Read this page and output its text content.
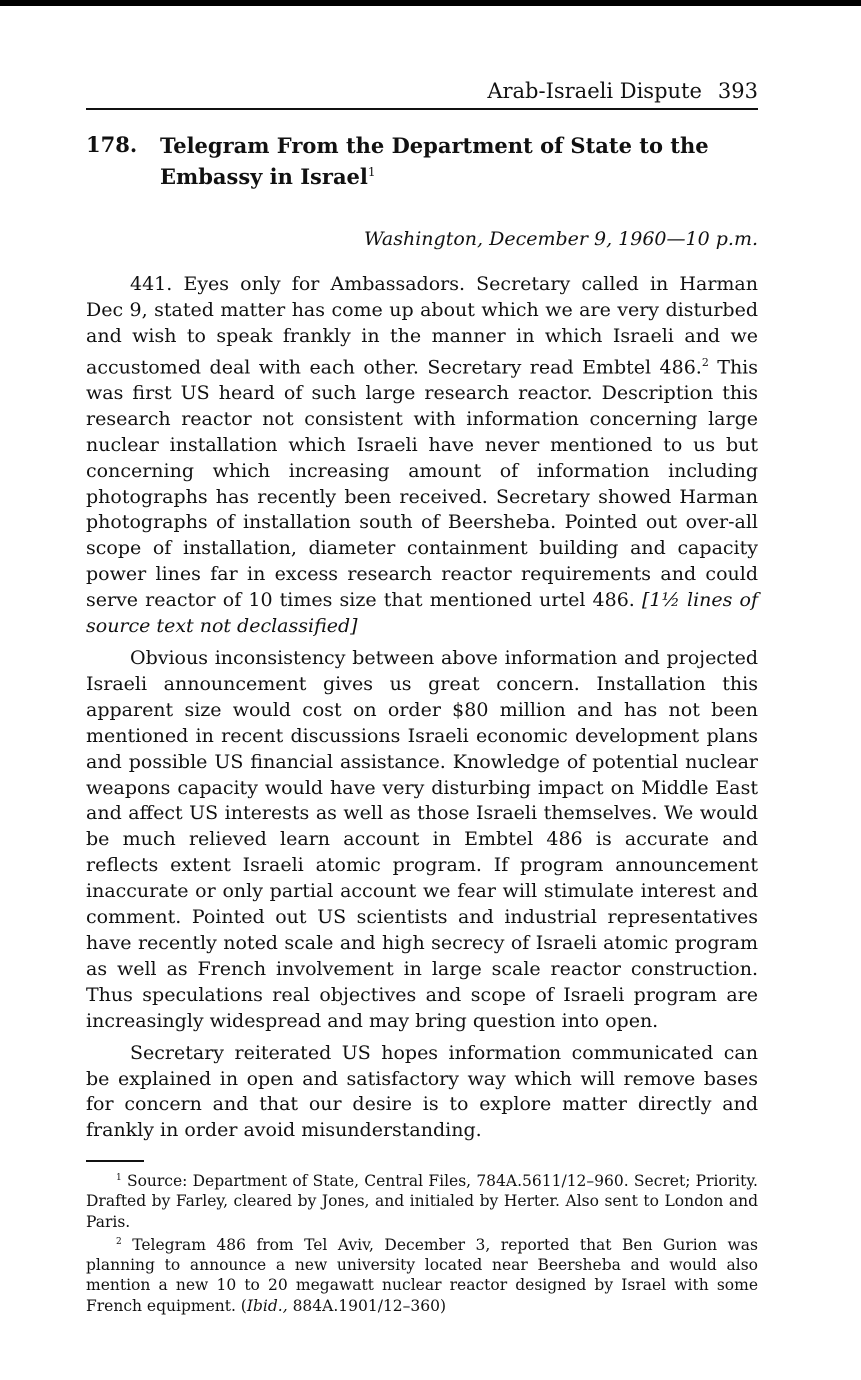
Arab-Israeli Dispute 393
178. Telegram From the Department of State to the Embassy in Israel$^1$
Washington, December 9, 1960—10 p.m.

441. Eyes only for Ambassadors. Secretary called in Harman Dec 9, stated matter has come up about which we are very disturbed and wish to speak frankly in the manner in which Israeli and we accustomed deal with each other. Secretary read Embtel 486.$^2$ This was first US heard of such large research reactor. Description this research reactor not consistent with information concerning large nuclear installation which Israeli have never mentioned to us but concerning which increasing amount of information including photographs has recently been received. Secretary showed Harman photographs of installation south of Beersheba. Pointed out over-all scope of installation, diameter containment building and capacity power lines far in excess research reactor requirements and could serve reactor of 10 times size that mentioned urtel 486. [1½ lines of source text not declassified]

Obvious inconsistency between above information and projected Israeli announcement gives us great concern. Installation this apparent size would cost on order $80 million and has not been mentioned in recent discussions Israeli economic development plans and possible US financial assistance. Knowledge of potential nuclear weapons capacity would have very disturbing impact on Middle East and affect US interests as well as those Israeli themselves. We would be much relieved learn account in Embtel 486 is accurate and reflects extent Israeli atomic program. If program announcement inaccurate or only partial account we fear will stimulate interest and comment. Pointed out US scientists and industrial representatives have recently noted scale and high secrecy of Israeli atomic program as well as French involvement in large scale reactor construction. Thus speculations real objectives and scope of Israeli program are increasingly widespread and may bring question into open.

Secretary reiterated US hopes information communicated can be explained in open and satisfactory way which will remove bases for concern and that our desire is to explore matter directly and frankly in order avoid misunderstanding.

$^1$ Source: Department of State, Central Files, 784A.5611/12–960. Secret; Priority. Drafted by Farley, cleared by Jones, and initialed by Herter. Also sent to London and Paris.

$^2$ Telegram 486 from Tel Aviv, December 3, reported that Ben Gurion was planning to announce a new university located near Beersheba and would also mention a new 10 to 20 megawatt nuclear reactor designed by Israel with some French equipment. (Ibid., 884A.1901/12–360)
